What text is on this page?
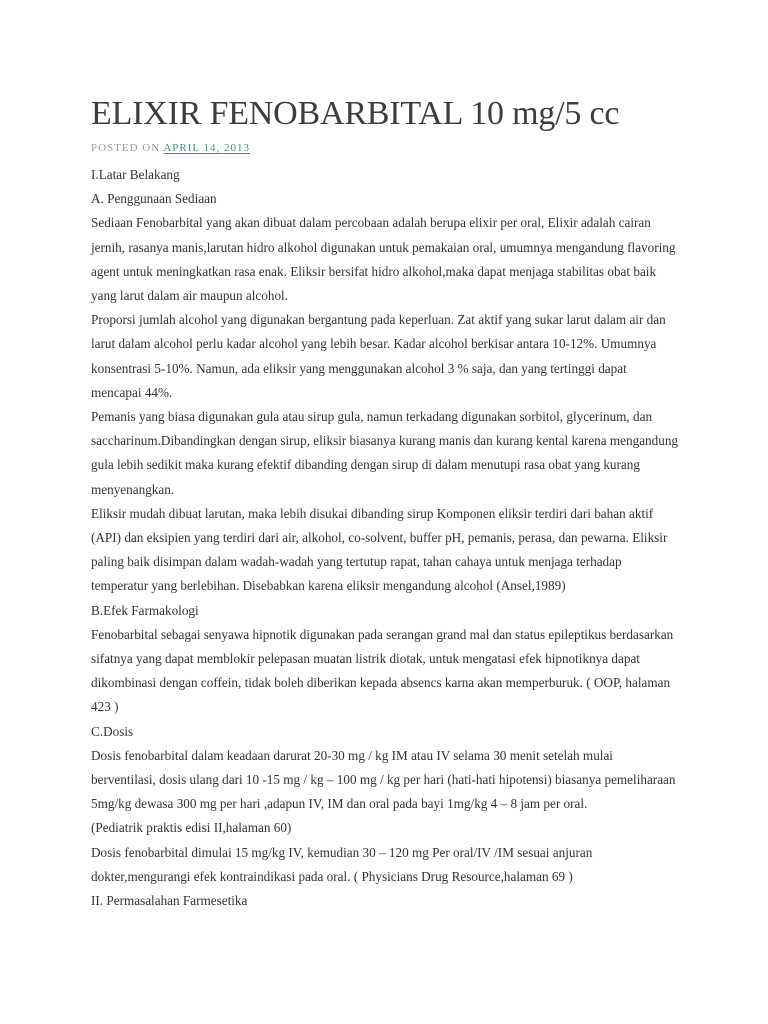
ELIXIR FENOBARBITAL 10 mg/5 cc
POSTED ON APRIL 14, 2013
I.Latar Belakang
A. Penggunaan Sediaan
Sediaan Fenobarbital yang akan dibuat dalam percobaan adalah berupa elixir per oral, Elixir adalah cairan
jernih, rasanya manis,larutan hidro alkohol digunakan untuk pemakaian oral, umumnya mengandung flavoring
agent untuk meningkatkan rasa enak. Eliksir bersifat hidro alkohol,maka dapat menjaga stabilitas obat baik
yang larut dalam air maupun alcohol.
Proporsi jumlah alcohol yang digunakan bergantung pada keperluan. Zat aktif yang sukar larut dalam air dan
larut dalam alcohol perlu kadar alcohol yang lebih besar. Kadar alcohol berkisar antara 10-12%. Umumnya
konsentrasi 5-10%. Namun, ada eliksir yang menggunakan alcohol 3 % saja, dan yang tertinggi dapat
mencapai 44%.
Pemanis yang biasa digunakan gula atau sirup gula, namun terkadang digunakan sorbitol, glycerinum, dan
saccharinum.Dibandingkan dengan sirup, eliksir biasanya kurang manis dan kurang kental karena mengandung
gula lebih sedikit maka kurang efektif dibanding dengan sirup di dalam menutupi rasa obat yang kurang
menyenangkan.
Eliksir mudah dibuat larutan, maka lebih disukai dibanding sirup Komponen eliksir terdiri dari bahan aktif
(API) dan eksipien yang terdiri dari air, alkohol, co-solvent, buffer pH, pemanis, perasa, dan pewarna. Eliksir
paling baik disimpan dalam wadah-wadah yang tertutup rapat, tahan cahaya untuk menjaga terhadap
temperatur yang berlebihan. Disebabkan karena eliksir mengandung alcohol (Ansel,1989)
B.Efek Farmakologi
Fenobarbital sebagai senyawa hipnotik digunakan pada serangan grand mal dan status epileptikus berdasarkan
sifatnya yang dapat memblokir pelepasan muatan listrik diotak, untuk mengatasi efek hipnotiknya dapat
dikombinasi dengan coffein, tidak boleh diberikan kepada absencs karna akan memperburuk. ( OOP, halaman
423 )
C.Dosis
Dosis fenobarbital dalam keadaan darurat 20-30 mg / kg IM atau IV selama 30 menit setelah mulai
berventilasi, dosis ulang dari 10 -15 mg / kg – 100 mg / kg per hari (hati-hati hipotensi) biasanya pemeliharaan
5mg/kg dewasa 300 mg per hari ,adapun IV, IM dan oral pada bayi 1mg/kg 4 – 8 jam per oral.
(Pediatrik praktis edisi II,halaman 60)
Dosis fenobarbital dimulai 15 mg/kg IV, kemudian 30 – 120 mg Per oral/IV /IM sesuai anjuran
dokter,mengurangi efek kontraindikasi pada oral. ( Physicians Drug Resource,halaman 69 )
II. Permasalahan Farmesetika
